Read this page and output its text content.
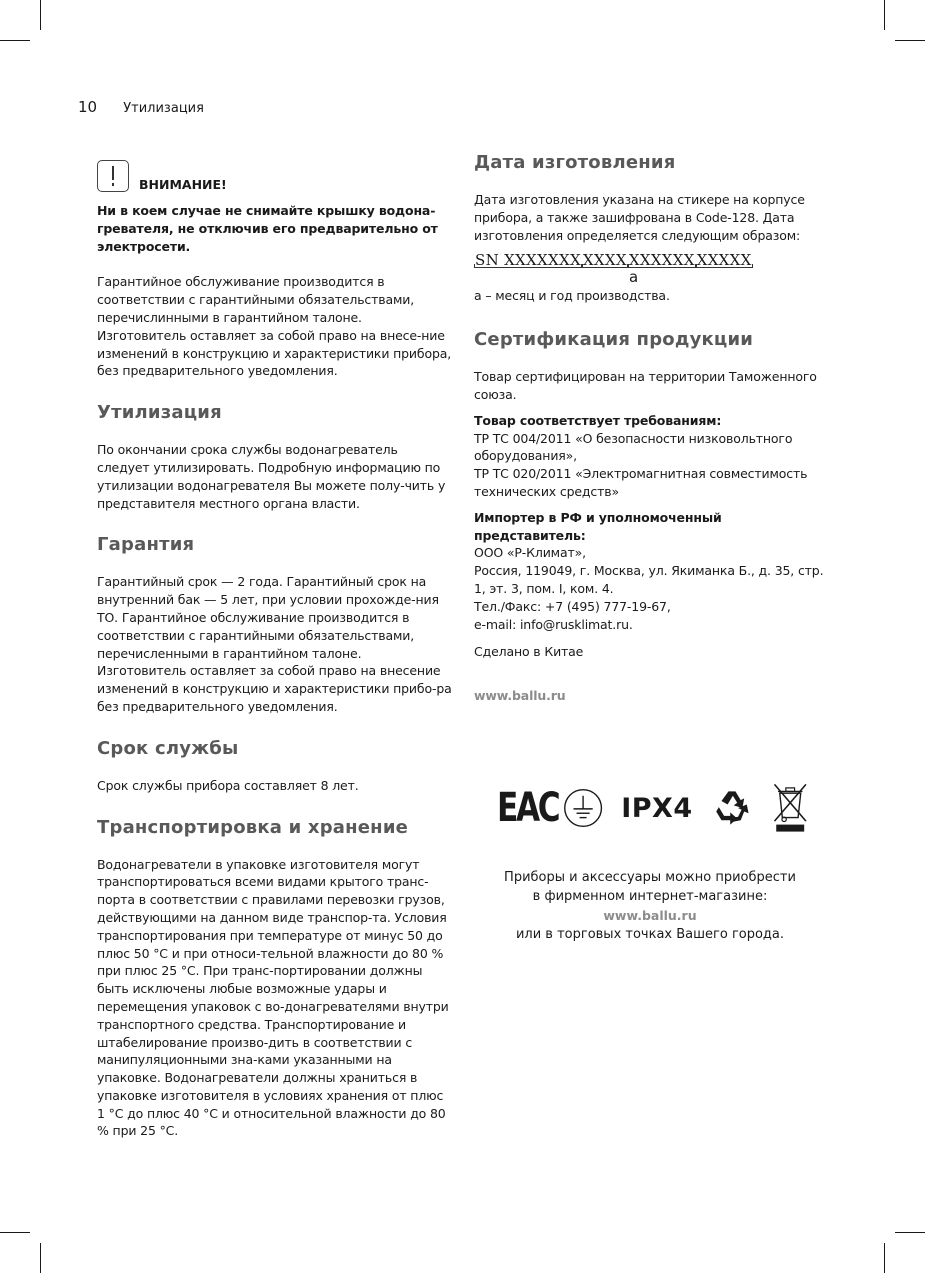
10 Утилизация
ВНИМАНИЕ!

Ни в коем случае не снимайте крышку водона-гревателя, не отключив его предварительно от электросети.

Гарантийное обслуживание производится в соответствии с гарантийными обязательствами, перечислинными в гарантийном талоне. Изготовитель оставляет за собой право на внесе-ние изменений в конструкцию и характеристики прибора, без предварительного уведомления.

Утилизация

По окончании срока службы водонагреватель следует утилизировать. Подробную информацию по утилизации водонагревателя Вы можете полу-чить у представителя местного органа власти.

Гарантия

Гарантийный срок — 2 года. Гарантийный срок на внутренний бак — 5 лет, при условии прохожде-ния ТО. Гарантийное обслуживание производится в соответствии с гарантийными обязательствами, перечисленными в гарантийном талоне. Изготовитель оставляет за собой право на внесение изменений в конструкцию и характеристики прибо-ра без предварительного уведомления.

Срок службы

Срок службы прибора составляет 8 лет.

Транспортировка и хранение

Водонагреватели в упаковке изготовителя могут транспортироваться всеми видами крытого транс-порта в соответствии с правилами перевозки грузов, действующими на данном виде транспор-та. Условия транспортирования при температуре от минус 50 до плюс 50 °С и при относи-тельной влажности до 80 % при плюс 25 °С. При транс-портировании должны быть исключены любые возможные удары и перемещения упаковок с во-донагревателями внутри транспортного средства. Транспортирование и штабелирование произво-дить в соответствии с манипуляционными зна-ками указанными на упаковке. Водонагреватели должны храниться в упаковке изготовителя в условиях хранения от плюс 1 °С до плюс 40 °С и относительной влажности до 80 % при 25 °С.

Дата изготовления

Дата изготовления указана на стикере на корпусе прибора, а также зашифрована в Code-128. Дата изготовления определяется следующим образом:

SN XXXXXXX XXXX XXXXXX XXXXX
a

а – месяц и год производства.

Сертификация продукции

Товар сертифицирован на территории Таможенного союза.

Товар соответствует требованиям:

ТР ТС 004/2011 «О безопасности низковольтного оборудования»,

ТР ТС 020/2011 «Электромагнитная совместимость технических средств»

Импортер в РФ и уполномоченный представитель:

ООО «Р-Климат»,

Россия, 119049, г. Москва, ул. Якиманка Б., д. 35, стр. 1, эт. 3, пом. I, ком. 4.

Тел./Факс: +7 (495) 777-19-67,

e-mail: info@rusklimat.ru.

Сделано в Китае

www.ballu.ru

EAC IPX4
Приборы и аксессуары можно приобрести
в фирменном интернет-магазине:
www.ballu.ru
или в торговых точках Вашего города.
